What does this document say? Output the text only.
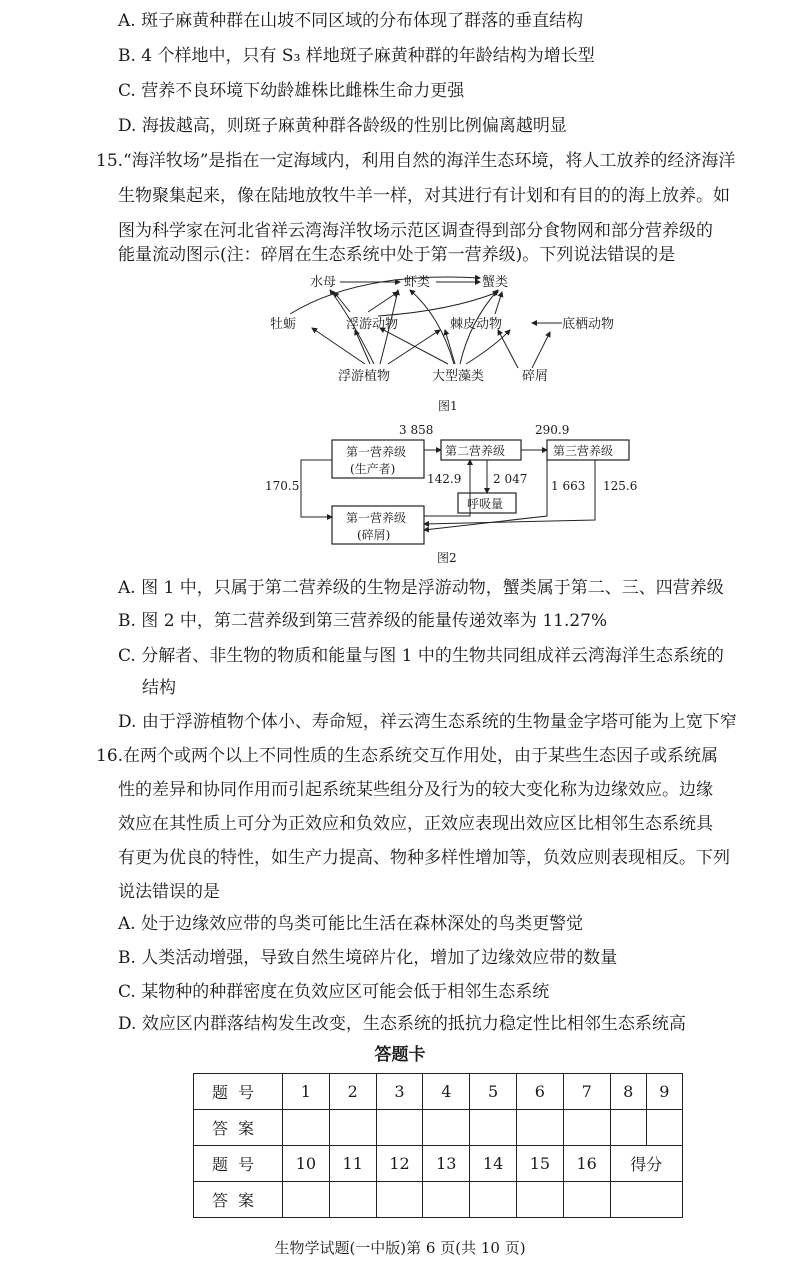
A. 斑子麻黄种群在山坡不同区域的分布体现了群落的垂直结构
B. 4 个样地中，只有 S₃ 样地斑子麻黄种群的年龄结构为增长型
C. 营养不良环境下幼龄雄株比雌株生命力更强
D. 海拔越高，则斑子麻黄种群各龄级的性别比例偏离越明显
15.“海洋牧场”是指在一定海域内，利用自然的海洋生态环境，将人工放养的经济海洋
生物聚集起来，像在陆地放牧牛羊一样，对其进行有计划和有目的的海上放养。如
图为科学家在河北省祥云湾海洋牧场示范区调查得到部分食物网和部分营养级的
能量流动图示(注：碎屑在生态系统中处于第一营养级)。下列说法错误的是
水母	虾类	蟹类
牡蛎	浮游动物	棘皮动物	底栖动物
浮游植物	大型藻类	碎屑
图1
第一营养级
(生产者)
第二营养级	第三营养级
呼吸量
第一营养级
(碎屑)
3 858	290.9
142.9	2 047
170.5	1 663 125.6
图2
A. 图 1 中，只属于第二营养级的生物是浮游动物，蟹类属于第二、三、四营养级
B. 图 2 中，第二营养级到第三营养级的能量传递效率为 11.27%
C. 分解者、非生物的物质和能量与图 1 中的生物共同组成祥云湾海洋生态系统的
结构
D. 由于浮游植物个体小、寿命短，祥云湾生态系统的生物量金字塔可能为上宽下窄
16.在两个或两个以上不同性质的生态系统交互作用处，由于某些生态因子或系统属
性的差异和协同作用而引起系统某些组分及行为的较大变化称为边缘效应。边缘
效应在其性质上可分为正效应和负效应，正效应表现出效应区比相邻生态系统具
有更为优良的特性，如生产力提高、物种多样性增加等，负效应则表现相反。下列
说法错误的是
A. 处于边缘效应带的鸟类可能比生活在森林深处的鸟类更警觉
B. 人类活动增强，导致自然生境碎片化，增加了边缘效应带的数量
C. 某物种的种群密度在负效应区可能会低于相邻生态系统
D. 效应区内群落结构发生改变，生态系统的抵抗力稳定性比相邻生态系统高
答题卡
题号	1	2	3	4	5	6	7	8	9
答案									
题号	10	11	12	13	14	15	16	得分	
答案									
生物学试题(一中版)第 6 页(共 10 页)
